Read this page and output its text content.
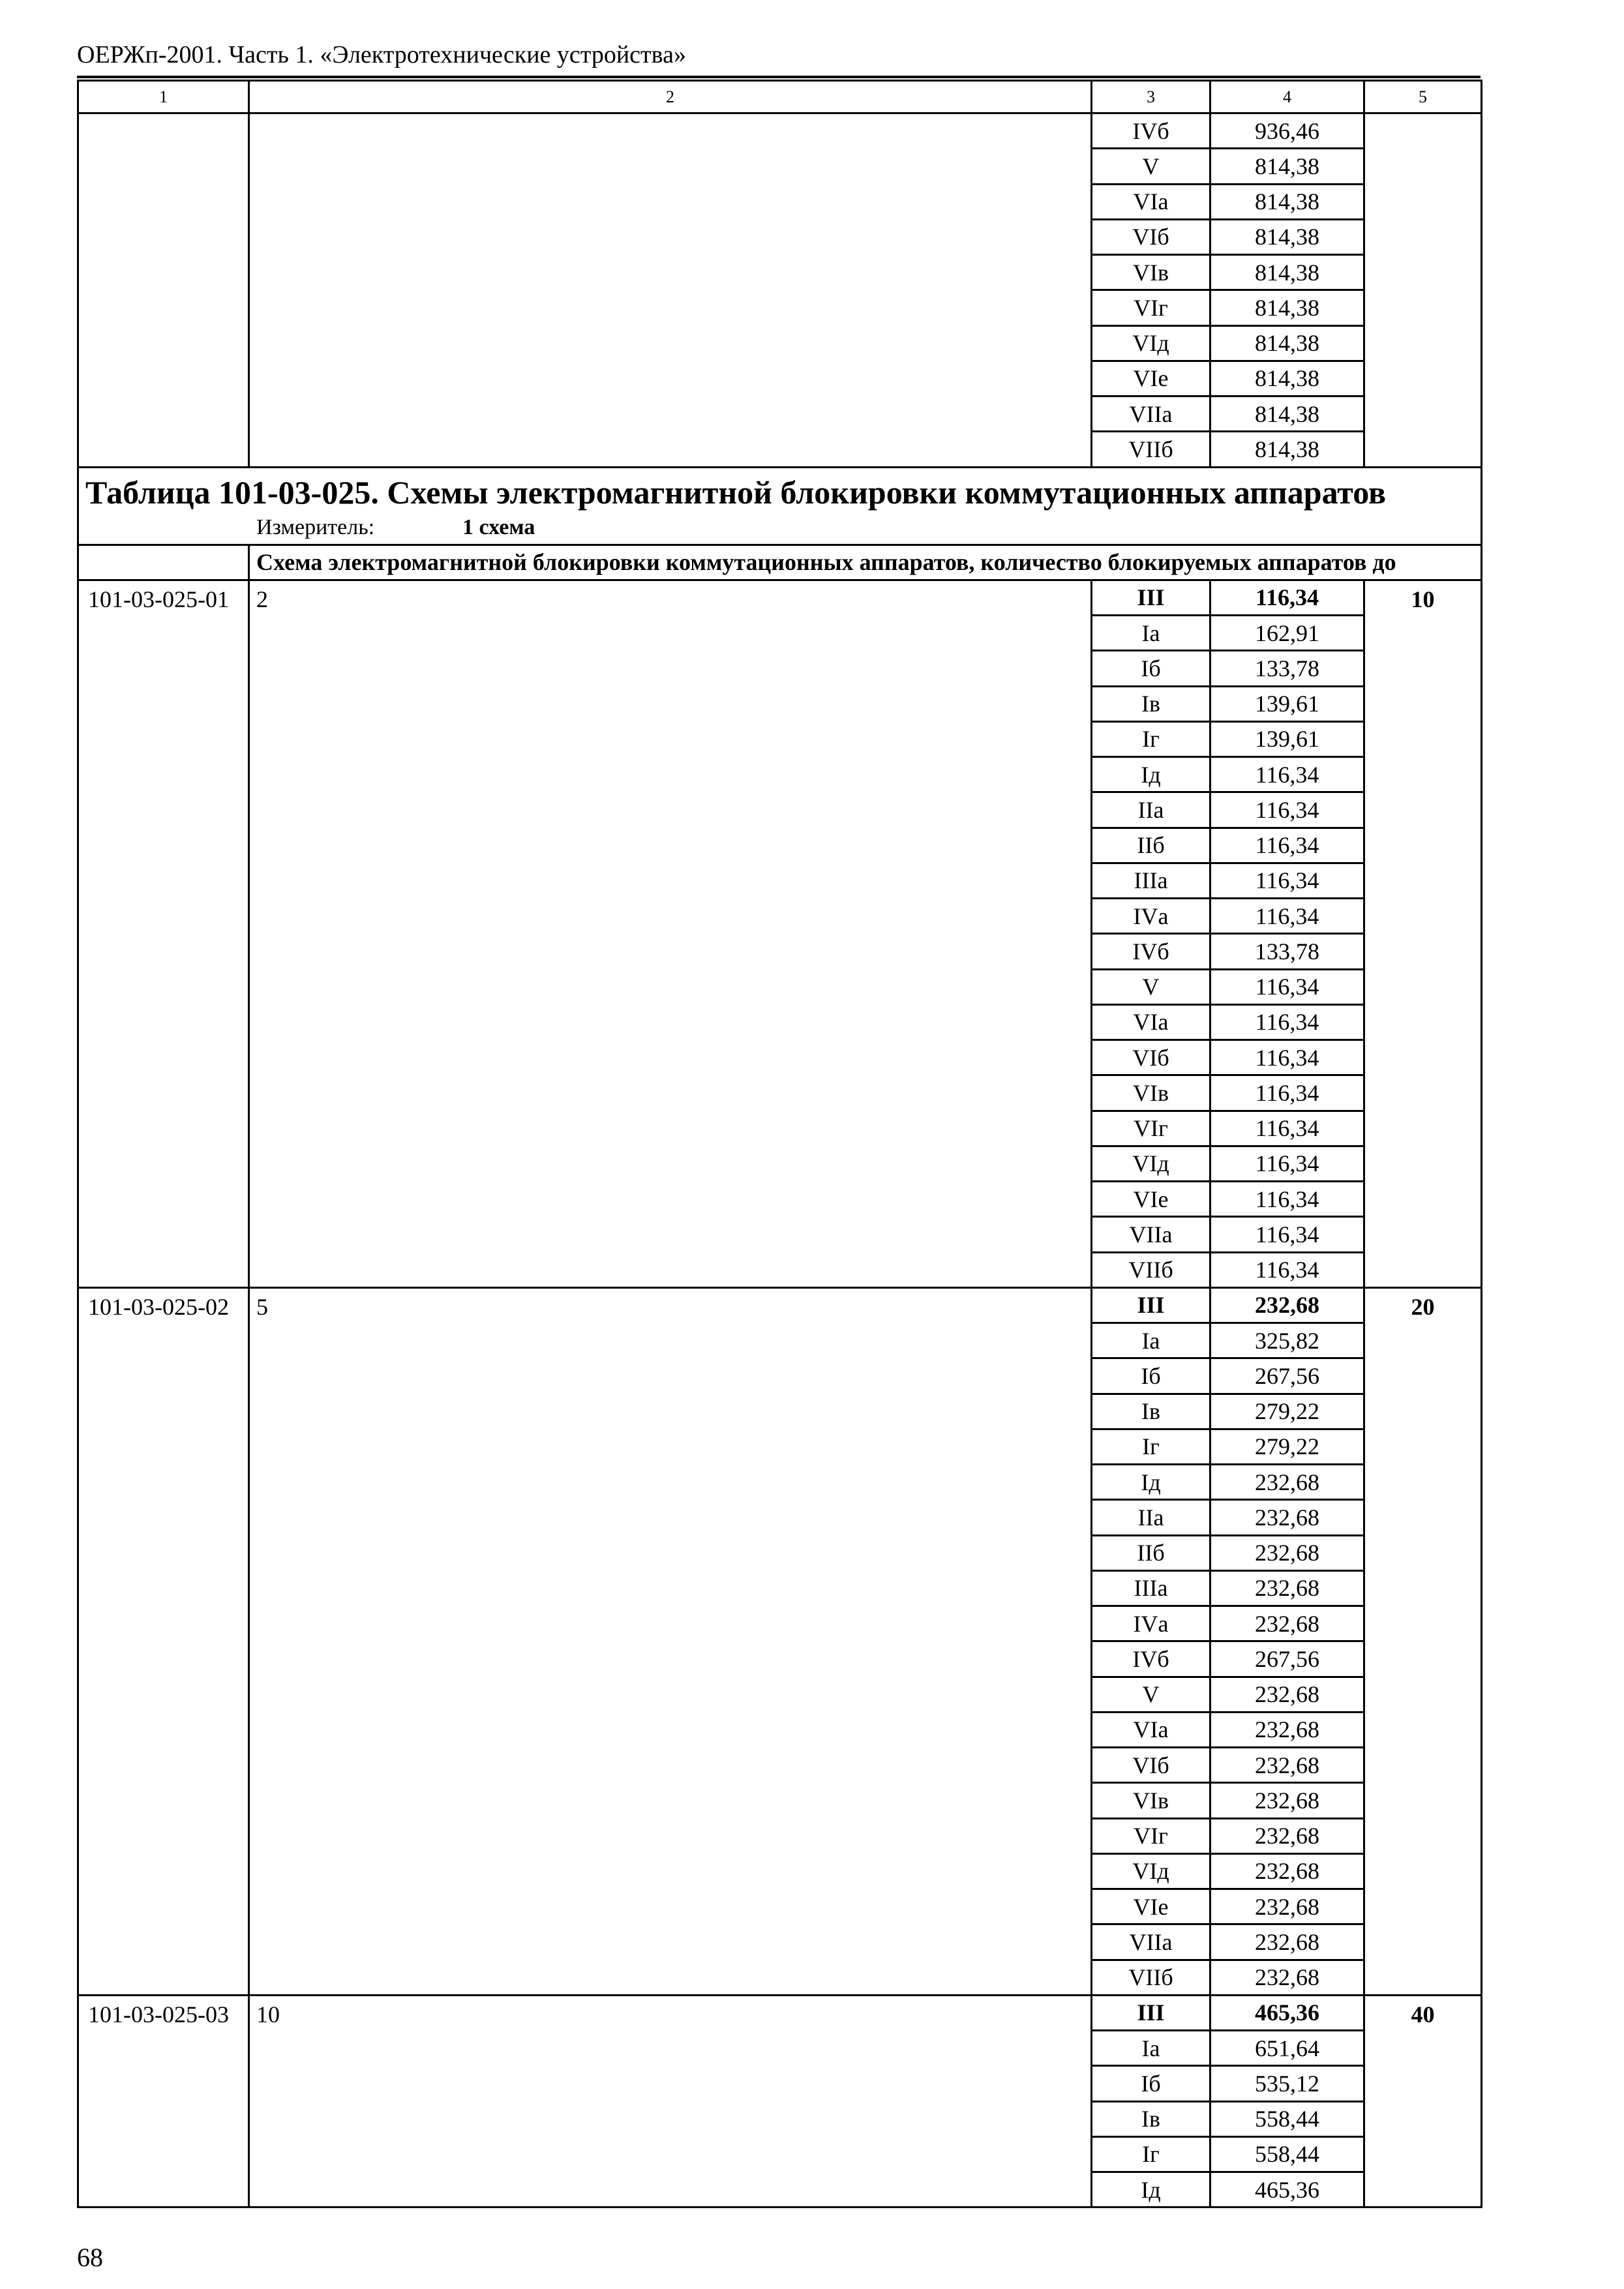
ОЕРЖп-2001. Часть 1. «Электротехнические устройства»
1	2	3	4	5
		IVб	936,46	
		V	814,38	
		VIа	814,38	
		VIб	814,38	
		VIв	814,38	
		VIг	814,38	
		VIд	814,38	
		VIе	814,38	
		VIIа	814,38	
		VIIб	814,38	

Таблица 101-03-025. Схемы электромагнитной блокировки коммутационных аппаратов
Измеритель: 1 схема				

	Схема электромагнитной блокировки коммутационных аппаратов, количество блокируемых аппаратов до			
101-03-025-01	2	III	116,34	10
		Iа	162,91	
		Iб	133,78	
		Iв	139,61	
		Iг	139,61	
		Iд	116,34	
		IIа	116,34	
		IIб	116,34	
		IIIа	116,34	
		IVа	116,34	
		IVб	133,78	
		V	116,34	
		VIа	116,34	
		VIб	116,34	
		VIв	116,34	
		VIг	116,34	
		VIд	116,34	
		VIе	116,34	
		VIIа	116,34	
		VIIб	116,34	
101-03-025-02	5	III	232,68	20
		Iа	325,82	
		Iб	267,56	
		Iв	279,22	
		Iг	279,22	
		Iд	232,68	
		IIа	232,68	
		IIб	232,68	
		IIIа	232,68	
		IVа	232,68	
		IVб	267,56	
		V	232,68	
		VIа	232,68	
		VIб	232,68	
		VIв	232,68	
		VIг	232,68	
		VIд	232,68	
		VIе	232,68	
		VIIа	232,68	
		VIIб	232,68	
101-03-025-03	10	III	465,36	40
		Iа	651,64	
		Iб	535,12	
		Iв	558,44	
		Iг	558,44	
		Iд	465,36	
68
